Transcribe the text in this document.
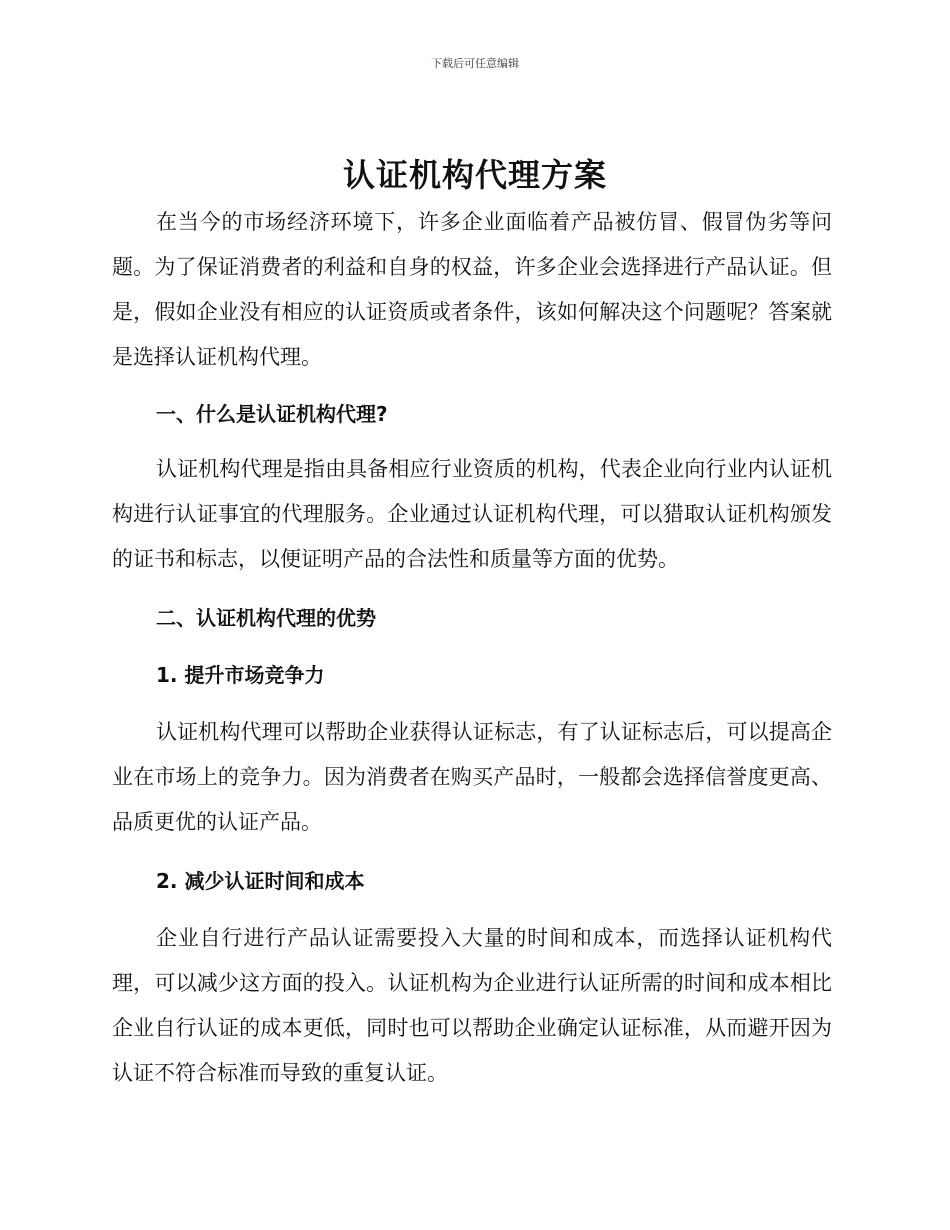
下载后可任意编辑
认证机构代理方案

在当今的市场经济环境下，许多企业面临着产品被仿冒、假冒伪劣等问题。为了保证消费者的利益和自身的权益，许多企业会选择进行产品认证。但是，假如企业没有相应的认证资质或者条件，该如何解决这个问题呢？答案就是选择认证机构代理。

一、什么是认证机构代理?

认证机构代理是指由具备相应行业资质的机构，代表企业向行业内认证机构进行认证事宜的代理服务。企业通过认证机构代理，可以猎取认证机构颁发的证书和标志，以便证明产品的合法性和质量等方面的优势。

二、认证机构代理的优势
1. 提升市场竞争力

认证机构代理可以帮助企业获得认证标志，有了认证标志后，可以提高企业在市场上的竞争力。因为消费者在购买产品时，一般都会选择信誉度更高、品质更优的认证产品。

2. 减少认证时间和成本

企业自行进行产品认证需要投入大量的时间和成本，而选择认证机构代理，可以减少这方面的投入。认证机构为企业进行认证所需的时间和成本相比企业自行认证的成本更低，同时也可以帮助企业确定认证标准，从而避开因为认证不符合标准而导致的重复认证。
